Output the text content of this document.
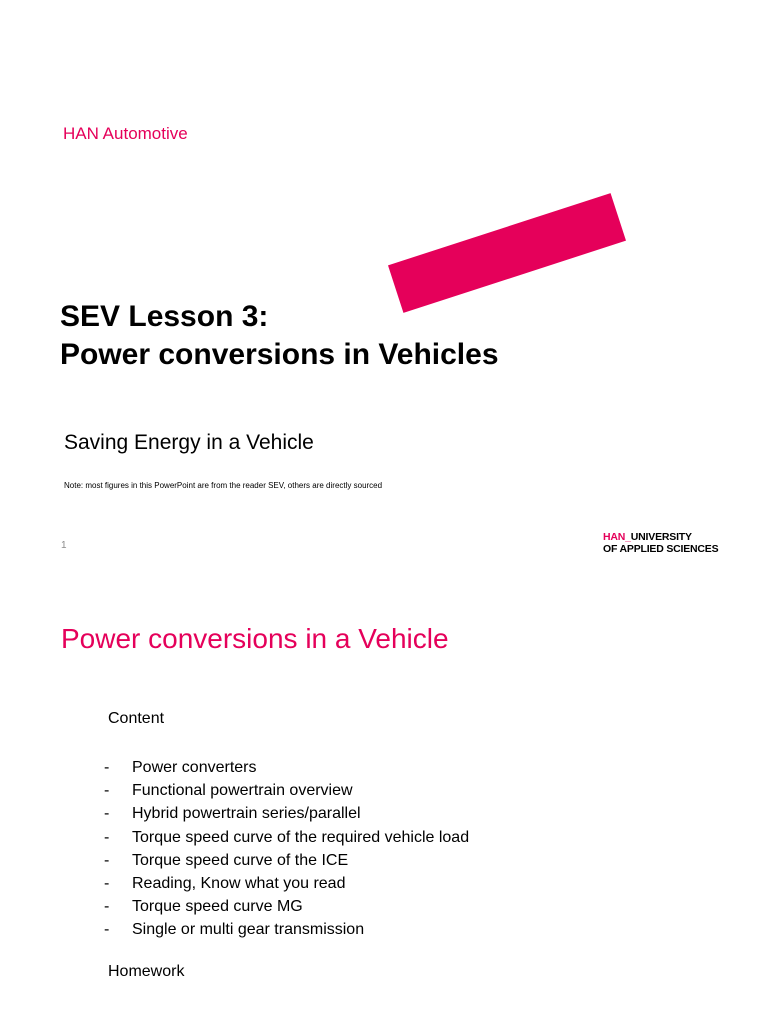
HAN Automotive
SEV Lesson 3:
Power conversions in Vehicles
Saving Energy in a Vehicle
Note: most figures in this PowerPoint are from the reader SEV, others are directly sourced
1
HAN_UNIVERSITY
OF APPLIED SCIENCES
Power conversions in a Vehicle
Content
- Power converters
- Functional powertrain overview
- Hybrid powertrain series/parallel
- Torque speed curve of the required vehicle load
- Torque speed curve of the ICE
- Reading, Know what you read
- Torque speed curve MG
- Single or multi gear transmission
Homework
